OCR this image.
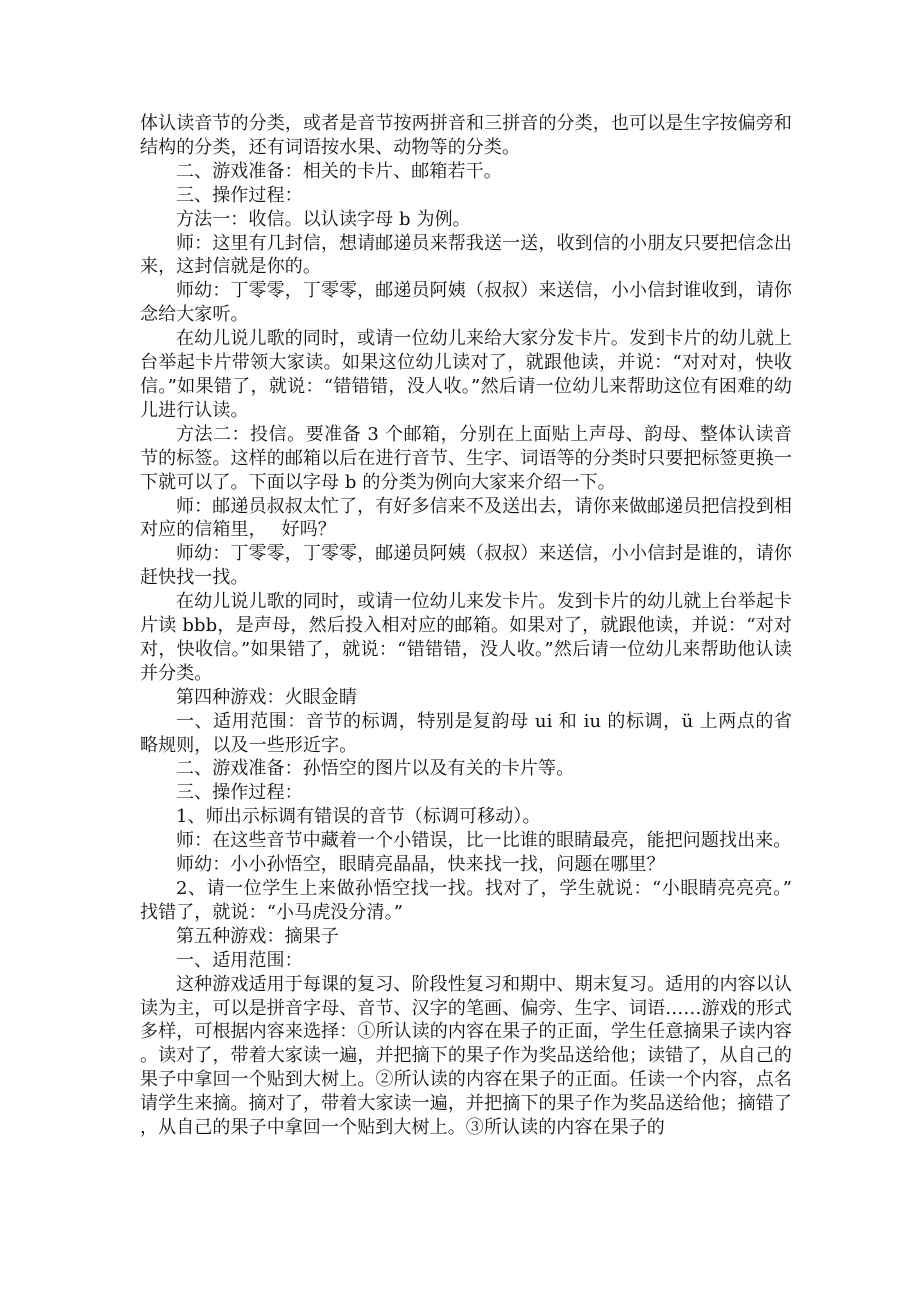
体认读音节的分类，或者是音节按两拼音和三拼音的分类，也可以是生字按偏旁和结构的分类，还有词语按水果、动物等的分类。

二、游戏准备：相关的卡片、邮箱若干。

三、操作过程：

方法一：收信。以认读字母 b 为例。

师：这里有几封信，想请邮递员来帮我送一送，收到信的小朋友只要把信念出来，这封信就是你的。

师幼：丁零零，丁零零，邮递员阿姨（叔叔）来送信，小小信封谁收到，请你念给大家听。

在幼儿说儿歌的同时，或请一位幼儿来给大家分发卡片。发到卡片的幼儿就上台举起卡片带领大家读。如果这位幼儿读对了，就跟他读，并说：“对对对，快收信。”如果错了，就说：“错错错，没人收。”然后请一位幼儿来帮助这位有困难的幼儿进行认读。

方法二：投信。要准备 3 个邮箱，分别在上面贴上声母、韵母、整体认读音节的标签。这样的邮箱以后在进行音节、生字、词语等的分类时只要把标签更换一下就可以了。下面以字母 b 的分类为例向大家来介绍一下。

师：邮递员叔叔太忙了，有好多信来不及送出去，请你来做邮递员把信投到相对应的信箱里，　 好吗？

师幼：丁零零，丁零零，邮递员阿姨（叔叔）来送信，小小信封是谁的，请你赶快找一找。

在幼儿说儿歌的同时，或请一位幼儿来发卡片。发到卡片的幼儿就上台举起卡片读 bbb，是声母，然后投入相对应的邮箱。如果对了，就跟他读，并说：“对对对，快收信。”如果错了，就说：“错错错，没人收。”然后请一位幼儿来帮助他认读并分类。

第四种游戏：火眼金睛

一、适用范围：音节的标调，特别是复韵母 ui 和 iu 的标调，ü 上两点的省略规则，以及一些形近字。

二、游戏准备：孙悟空的图片以及有关的卡片等。

三、操作过程：

1、师出示标调有错误的音节（标调可移动）。

师：在这些音节中藏着一个小错误，比一比谁的眼睛最亮，能把问题找出来。

师幼：小小孙悟空，眼睛亮晶晶，快来找一找，问题在哪里？

2、请一位学生上来做孙悟空找一找。找对了，学生就说：“小眼睛亮亮亮。”找错了，就说：“小马虎没分清。”

第五种游戏：摘果子

一、适用范围：

这种游戏适用于每课的复习、阶段性复习和期中、期末复习。适用的内容以认读为主，可以是拼音字母、音节、汉字的笔画、偏旁、生字、词语……游戏的形式多样，可根据内容来选择：①所认读的内容在果子的正面，学生任意摘果子读内容。读对了，带着大家读一遍，并把摘下的果子作为奖品送给他；读错了，从自己的果子中拿回一个贴到大树上。②所认读的内容在果子的正面。任读一个内容，点名请学生来摘。摘对了，带着大家读一遍，并把摘下的果子作为奖品送给他；摘错了，从自己的果子中拿回一个贴到大树上。③所认读的内容在果子的
